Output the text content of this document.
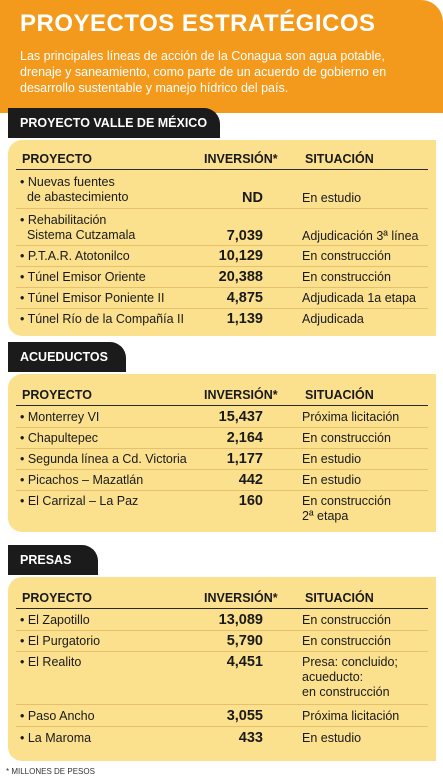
PROYECTOS ESTRATÉGICOS
Las principales líneas de acción de la Conagua son agua potable, drenaje y saneamiento, como parte de un acuerdo de gobierno en desarrollo sustentable y manejo hídrico del país.
PROYECTO VALLE DE MÉXICO
PROYECTO	INVERSIÓN* SITUACIÓN
• Nuevas fuentes
de abastecimiento	ND	En estudio
• Rehabilitación
Sistema Cutzamala	7,039	Adjudicación 3ª línea
• P.T.A.R. Atotonilco	10,129	En construcción
• Túnel Emisor Oriente	20,388	En construcción
• Túnel Emisor Poniente II	4,875	Adjudicada 1a etapa
• Túnel Río de la Compañía II	1,139	Adjudicada
ACUEDUCTOS
PROYECTO	INVERSIÓN* SITUACIÓN
• Monterrey VI	15,437	Próxima licitación
• Chapultepec	2,164	En construcción
• Segunda línea a Cd. Victoria	1,177	En estudio
• Picachos – Mazatlán	442	En estudio
• El Carrizal – La Paz	160	En construcción
2ª etapa
PRESAS
PROYECTO	INVERSIÓN* SITUACIÓN
• El Zapotillo	13,089	En construcción
• El Purgatorio	5,790	En construcción
• El Realito	4,451	Presa: concluido;
acueducto:
en construcción
• Paso Ancho	3,055	Próxima licitación
• La Maroma	433	En estudio
* MILLONES DE PESOS
